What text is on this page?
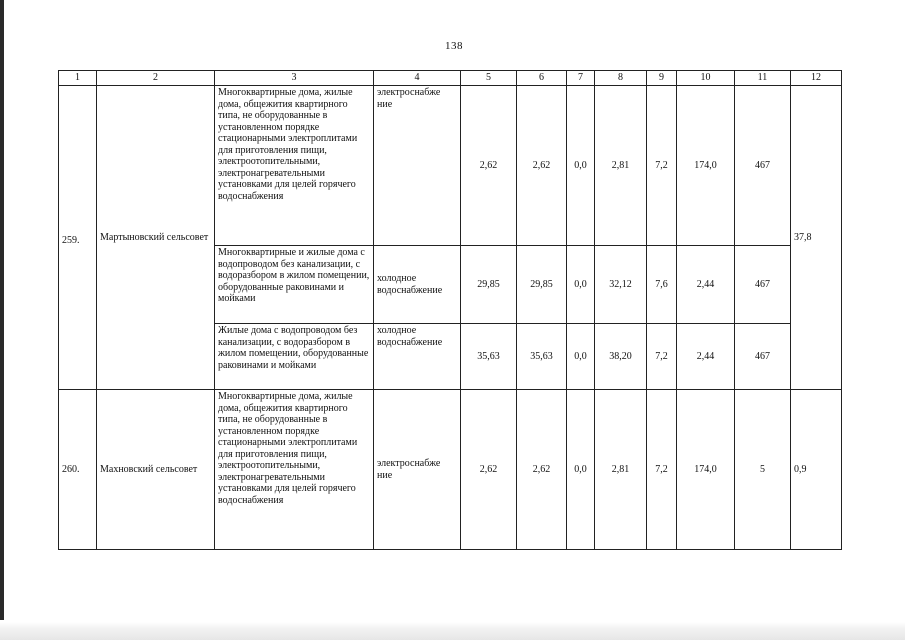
138
1	2	3	4	5	6	7	8	9	10	11	12

259.	Мартыновский сельсовет	Многоквартирные дома, жилые дома, общежития квартирного типа, не оборудованные в установленном порядке стационарными электроплитами для приготовления пищи, электроотопительными, электронагревательными установками для целей горячего водоснабжения	электроснабже ние	2,62	2,62	0,0	2,81	7,2	174,0	467	37,8
		Многоквартирные и жилые дома с водопроводом без канализации, с водоразбором в жилом помещении, оборудованные раковинами и мойками	холодное водоснабжение	29,85	29,85	0,0	32,12	7,6	2,44	467	
		Жилые дома с водопроводом без канализации, с водоразбором в жилом помещении, оборудованные раковинами и мойками	холодное водоснабжение	35,63	35,63	0,0	38,20	7,2	2,44	467	
260.	Махновский сельсовет	Многоквартирные дома, жилые дома, общежития квартирного типа, не оборудованные в установленном порядке стационарными электроплитами для приготовления пищи, электроотопительными, электронагревательными установками для целей горячего водоснабжения	электроснабже ние	2,62	2,62	0,0	2,81	7,2	174,0	5	0,9
